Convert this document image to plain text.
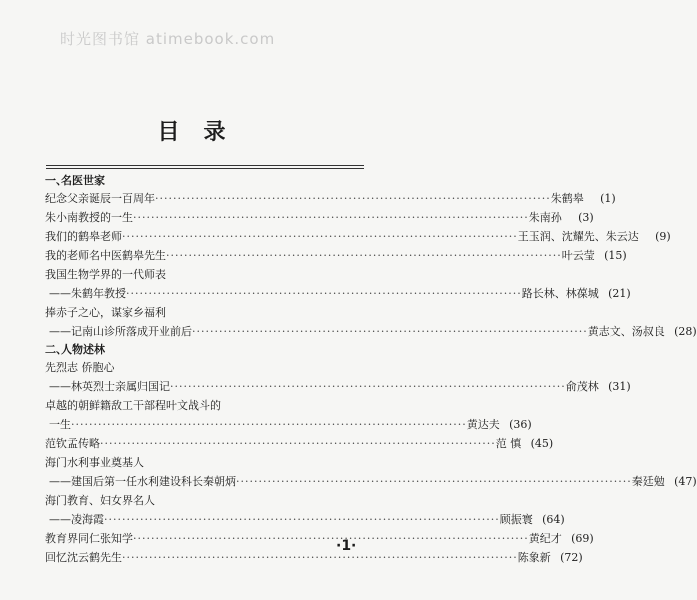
时光图书馆 atimebook.com
目录
一、名医世家
纪念父亲诞辰一百周年 ·····	朱鹤皋	(1)
朱小南教授的一生 ·····	朱南孙	(3)
我们的鹤皋老师 ·····	王玉润、沈耀先、朱云达	(9)
我的老师名中医鹤皋先生 ·····	叶云莹 (15)
我国生物学界的一代师表
——朱鹤年教授 ·····	路长林、林葆城 (21)
捧赤子之心，谋家乡福利
——记南山诊所落成开业前后 ·····	黄志文、汤叔良 (28)
二、人物述林
先烈志 侨胞心
——林英烈士亲属归国记 ·····	俞茂林 (31)
卓越的朝鲜籍敌工干部程叶文战斗的
一生 ·····	黄达夫 (36)
范钦孟传略 ·····	范 慎 (45)
海门水利事业奠基人
——建国后第一任水利建设科长秦朝炳 ·····	秦廷勉 (47)
海门教育、妇女界名人
——凌海霞 ·····	顾振寰 (64)
教育界同仁张知学 ·····	黄纪才 (69)
回忆沈云鹤先生 ·····	陈象新 (72)
·1·
